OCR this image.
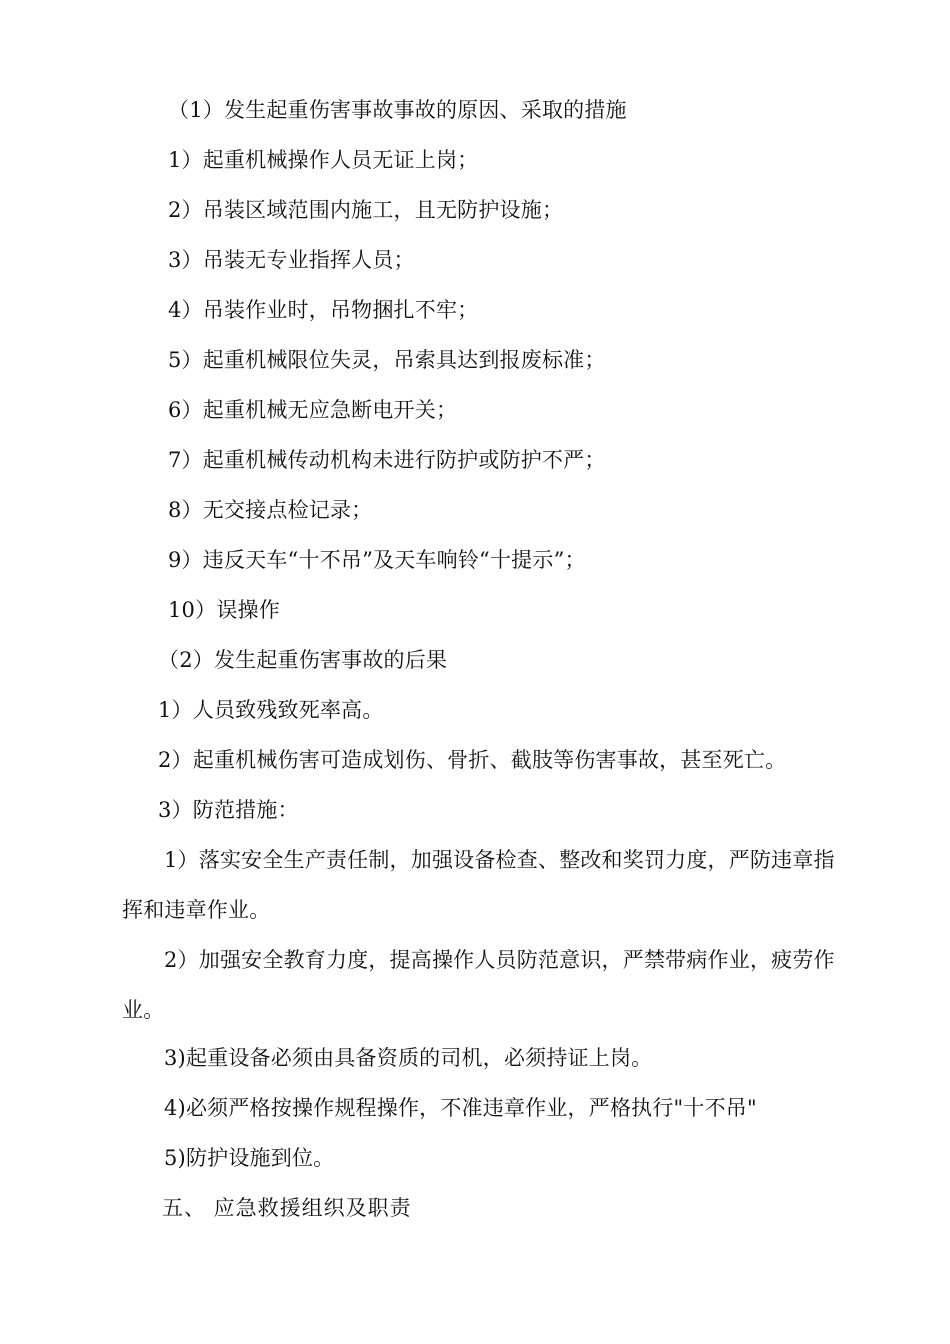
（1）发生起重伤害事故事故的原因、采取的措施
1）起重机械操作人员无证上岗；
2）吊装区域范围内施工，且无防护设施；
3）吊装无专业指挥人员；
4）吊装作业时，吊物捆扎不牢；
5）起重机械限位失灵，吊索具达到报废标准；
6）起重机械无应急断电开关；
7）起重机械传动机构未进行防护或防护不严；
8）无交接点检记录；
9）违反天车“十不吊”及天车响铃“十提示”；
10）误操作
（2）发生起重伤害事故的后果
1）人员致残致死率高。
2）起重机械伤害可造成划伤、骨折、截肢等伤害事故，甚至死亡。
3）防范措施：
1）落实安全生产责任制，加强设备检查、整改和奖罚力度，严防违章指挥和违章作业。
2）加强安全教育力度，提高操作人员防范意识，严禁带病作业，疲劳作业。
3)起重设备必须由具备资质的司机，必须持证上岗。
4)必须严格按操作规程操作，不准违章作业，严格执行"十不吊"
5)防护设施到位。
五、 应急救援组织及职责
